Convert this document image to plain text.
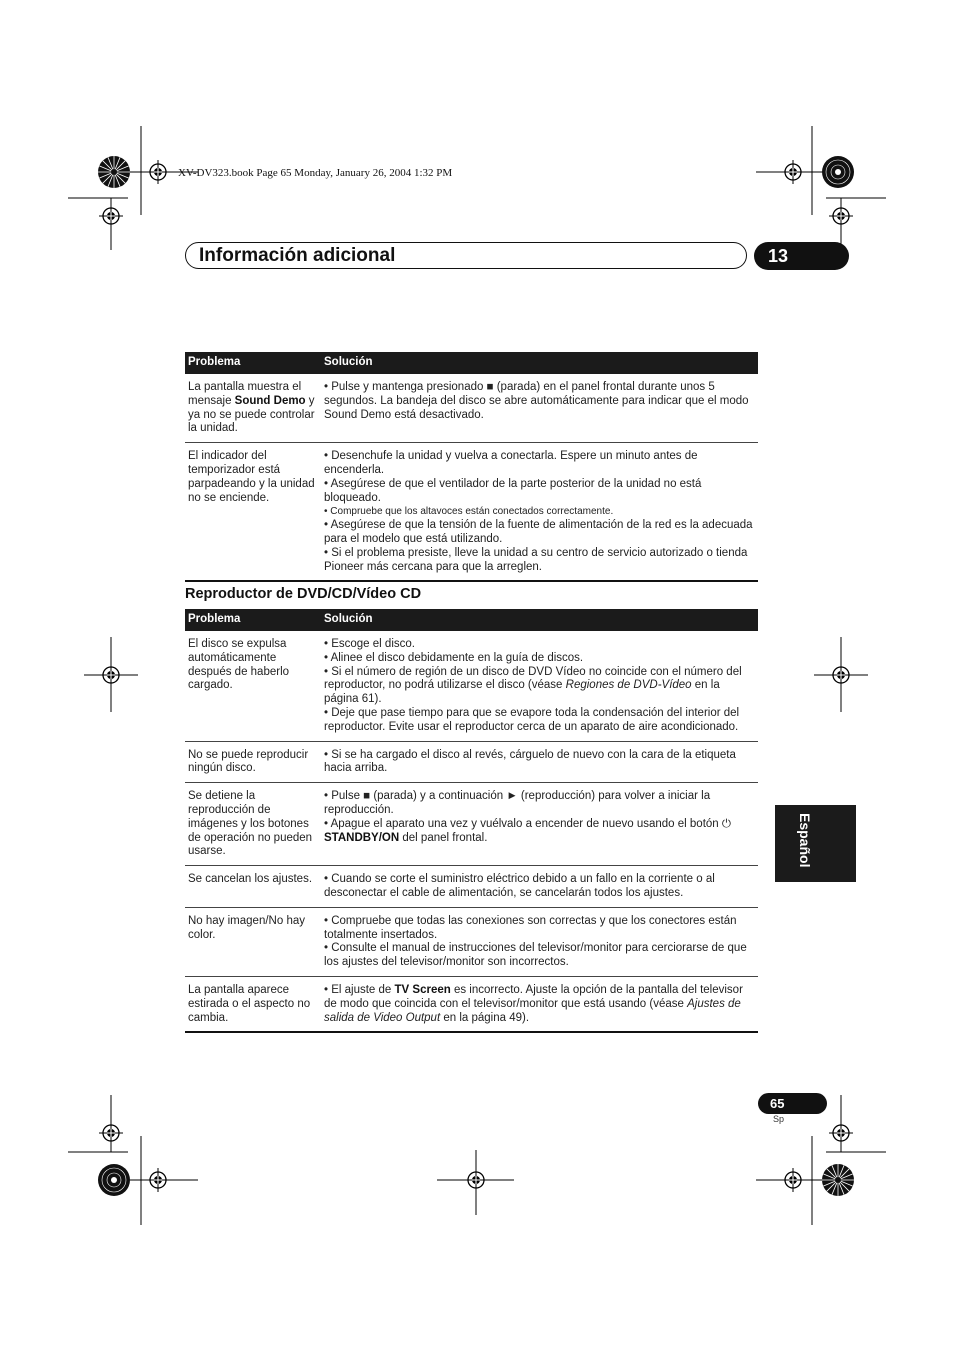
XV-DV323.book Page 65 Monday, January 26, 2004 1:32 PM
Información adicional	13
Problema	Solución
La pantalla muestra el mensaje Sound Demo y ya no se puede controlar la unidad.	• Pulse y mantenga presionado ■ (parada) en el panel frontal durante unos 5 segundos. La bandeja del disco se abre automáticamente para indicar que el modo Sound Demo está desactivado.

El indicador del temporizador está parpadeando y la unidad no se enciende.	• Desenchufe la unidad y vuelva a conectarla. Espere un minuto antes de encenderla.

• Asegúrese de que el ventilador de la parte posterior de la unidad no está bloqueado.

• Compruebe que los altavoces están conectados correctamente.

• Asegúrese de que la tensión de la fuente de alimentación de la red es la adecuada para el modelo que está utilizando.

• Si el problema presiste, lleve la unidad a su centro de servicio autorizado o tienda Pioneer más cercana para que la arreglen.

Reproductor de DVD/CD/Vídeo CD
Problema	Solución
El disco se expulsa automáticamente después de haberlo cargado.	• Escoge el disco.

• Alinee el disco debidamente en la guía de discos.

• Si el número de región de un disco de DVD Vídeo no coincide con el número del reproductor, no podrá utilizarse el disco (véase Regiones de DVD-Vídeo en la página 61).

• Deje que pase tiempo para que se evapore toda la condensación del interior del reproductor. Evite usar el reproductor cerca de un aparato de aire acondicionado.

No se puede reproducir ningún disco.	• Si se ha cargado el disco al revés, cárguelo de nuevo con la cara de la etiqueta hacia arriba.

Se detiene la reproducción de imágenes y los botones de operación no pueden usarse.	• Pulse ■ (parada) y a continuación ► (reproducción) para volver a iniciar la reproducción.

• Apague el aparato una vez y vuélvalo a encender de nuevo usando el botón ⏻ STANDBY/ON del panel frontal.

Se cancelan los ajustes.	• Cuando se corte el suministro eléctrico debido a un fallo en la corriente o al desconectar el cable de alimentación, se cancelarán todos los ajustes.

No hay imagen/No hay color.	• Compruebe que todas las conexiones son correctas y que los conectores están totalmente insertados.

• Consulte el manual de instrucciones del televisor/monitor para cerciorarse de que los ajustes del televisor/monitor son incorrectos.

La pantalla aparece estirada o el aspecto no cambia.	• El ajuste de TV Screen es incorrecto. Ajuste la opción de la pantalla del televisor de modo que coincida con el televisor/monitor que está usando (véase Ajustes de salida de Video Output en la página 49).

Español
65
Sp
